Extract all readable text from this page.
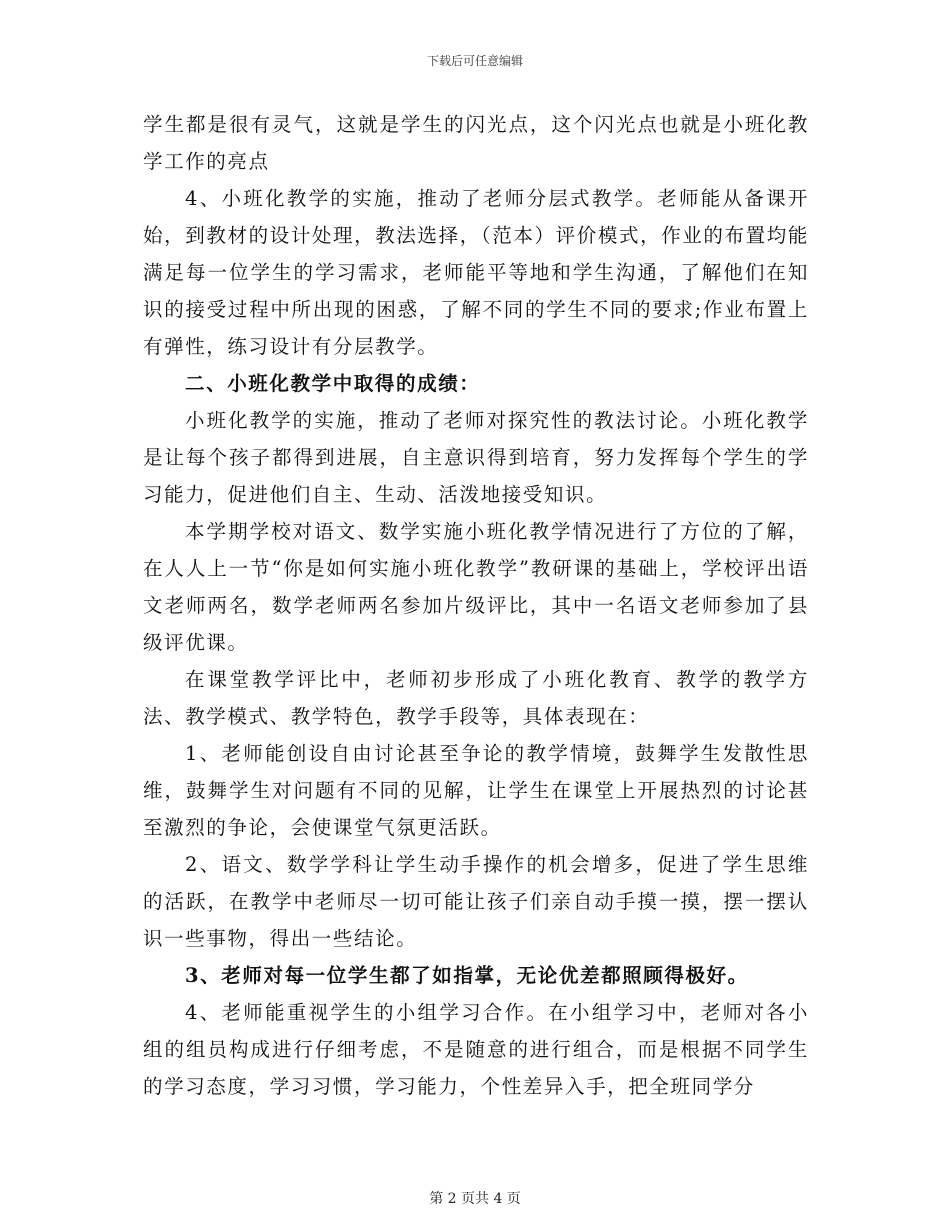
下载后可任意编辑

学生都是很有灵气，这就是学生的闪光点，这个闪光点也就是小班化教学工作的亮点

4、小班化教学的实施，推动了老师分层式教学。老师能从备课开始，到教材的设计处理，教法选择，（范本）评价模式，作业的布置均能满足每一位学生的学习需求，老师能平等地和学生沟通，了解他们在知识的接受过程中所出现的困惑，了解不同的学生不同的要求;作业布置上有弹性，练习设计有分层教学。

二、小班化教学中取得的成绩：

小班化教学的实施，推动了老师对探究性的教法讨论。小班化教学是让每个孩子都得到进展，自主意识得到培育，努力发挥每个学生的学习能力，促进他们自主、生动、活泼地接受知识。

本学期学校对语文、数学实施小班化教学情况进行了方位的了解，在人人上一节“你是如何实施小班化教学”教研课的基础上，学校评出语文老师两名，数学老师两名参加片级评比，其中一名语文老师参加了县级评优课。

在课堂教学评比中，老师初步形成了小班化教育、教学的教学方法、教学模式、教学特色，教学手段等，具体表现在：

1、老师能创设自由讨论甚至争论的教学情境，鼓舞学生发散性思维，鼓舞学生对问题有不同的见解，让学生在课堂上开展热烈的讨论甚至激烈的争论，会使课堂气氛更活跃。

2、语文、数学学科让学生动手操作的机会增多，促进了学生思维的活跃，在教学中老师尽一切可能让孩子们亲自动手摸一摸，摆一摆认识一些事物，得出一些结论。

3、老师对每一位学生都了如指掌，无论优差都照顾得极好。

4、老师能重视学生的小组学习合作。在小组学习中，老师对各小组的组员构成进行仔细考虑，不是随意的进行组合，而是根据不同学生的学习态度，学习习惯，学习能力，个性差异入手，把全班同学分

第 2 页共 4 页
